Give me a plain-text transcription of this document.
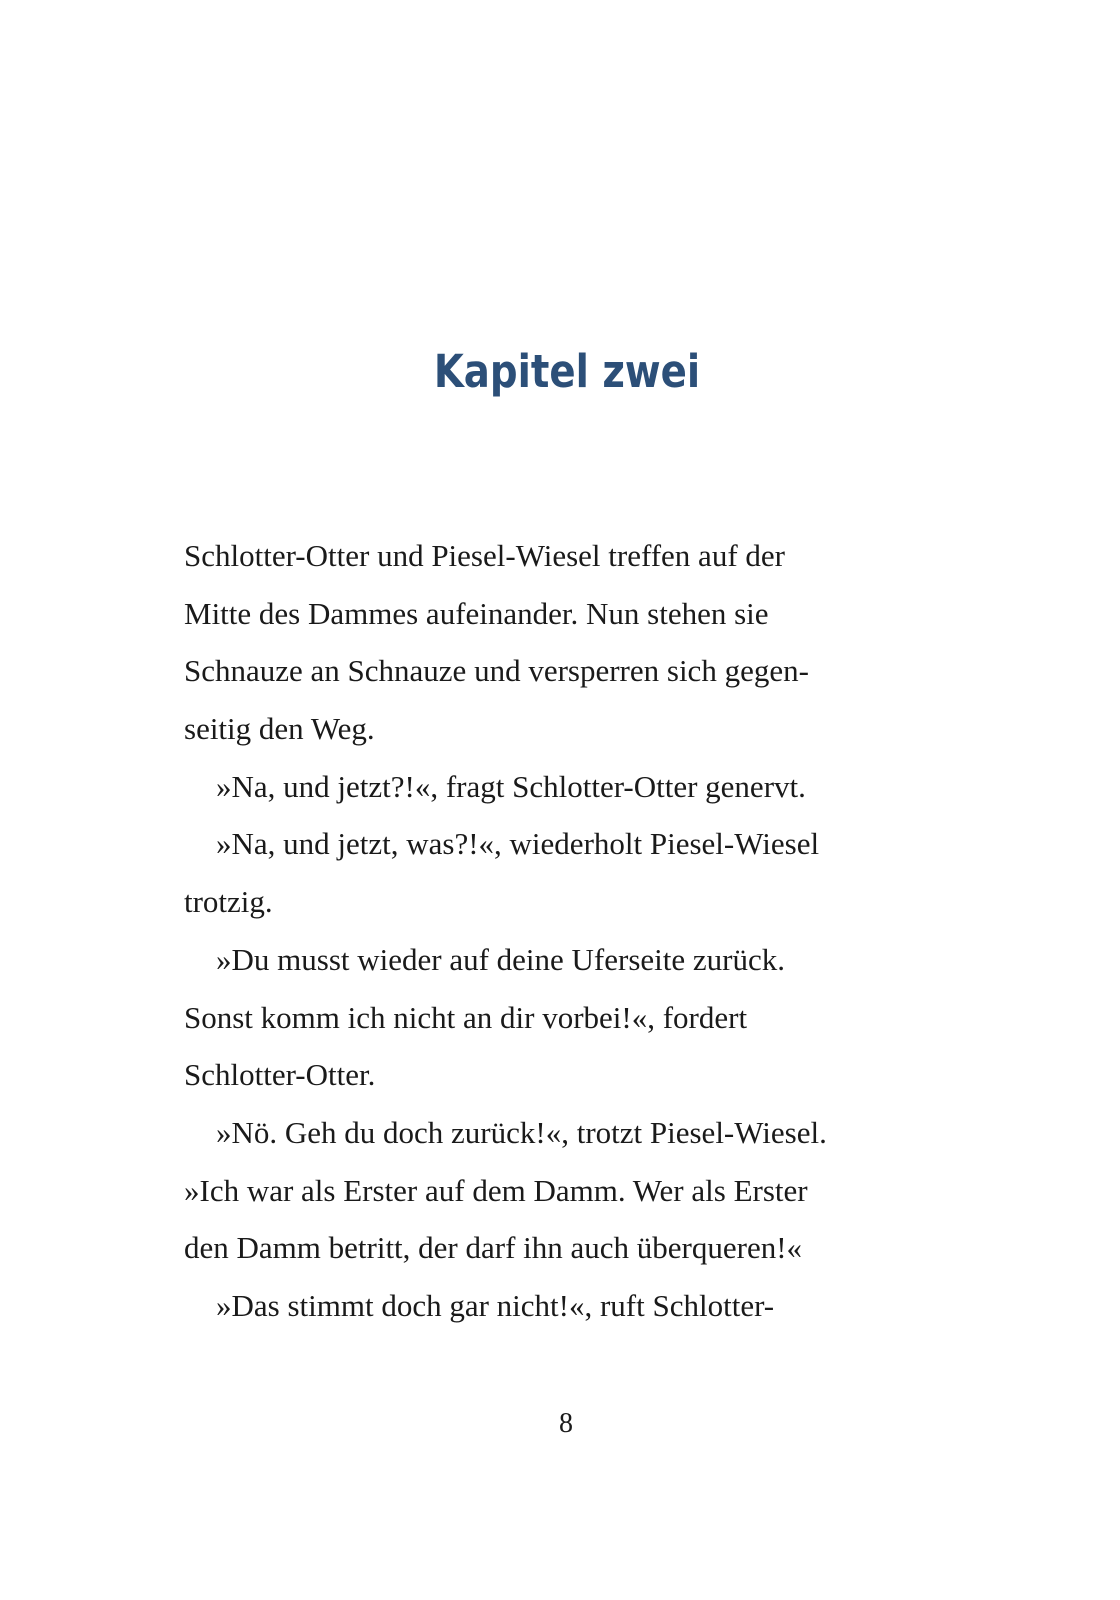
Kapitel zwei
Schlotter-Otter und Piesel-Wiesel treffen auf der
Mitte des Dammes aufeinander. Nun stehen sie
Schnauze an Schnauze und versperren sich gegen-
seitig den Weg.
»Na, und jetzt?!«, fragt Schlotter-Otter genervt.
»Na, und jetzt, was?!«, wiederholt Piesel-Wiesel
trotzig.
»Du musst wieder auf deine Uferseite zurück.
Sonst komm ich nicht an dir vorbei!«, fordert
Schlotter-Otter.
»Nö. Geh du doch zurück!«, trotzt Piesel-Wiesel.
»Ich war als Erster auf dem Damm. Wer als Erster
den Damm betritt, der darf ihn auch überqueren!«
»Das stimmt doch gar nicht!«, ruft Schlotter-
8
